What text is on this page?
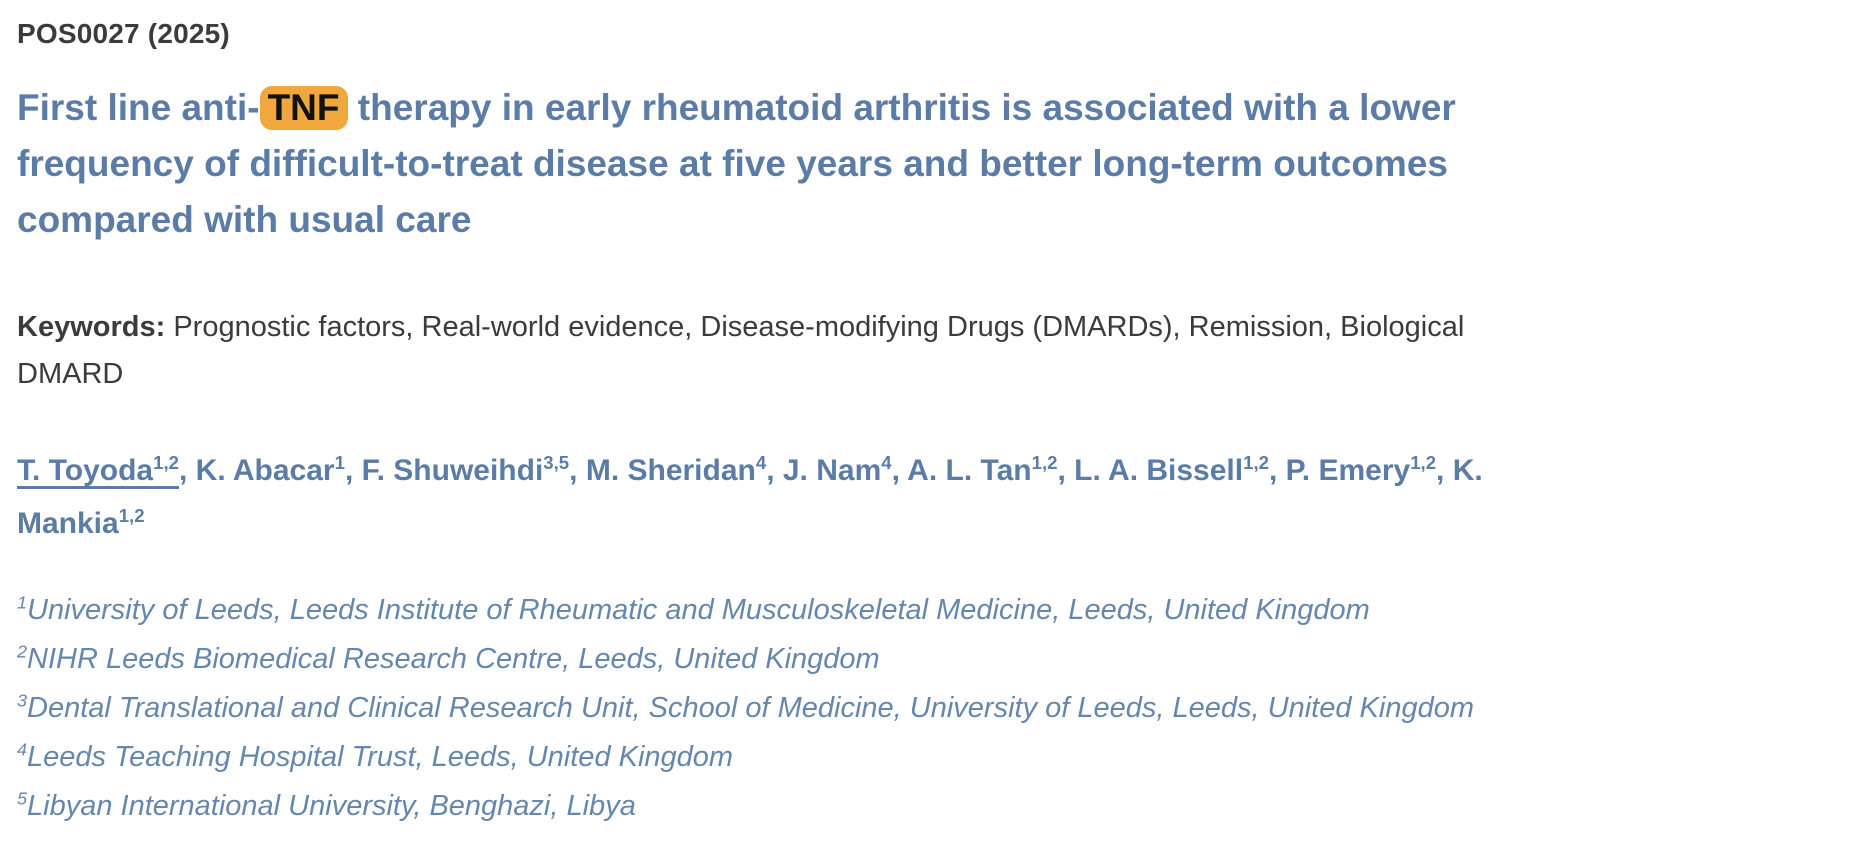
POS0027 (2025)
First line anti- TNF therapy in early rheumatoid arthritis is associated with a lower frequency of difficult-to-treat disease at five years and better long-term outcomes compared with usual care

Keywords: Prognostic factors, Real-world evidence, Disease-modifying Drugs (DMARDs), Remission, Biological DMARD

T. Toyoda$^{1,2}$, K. Abacar$^1$, F. Shuweihdi$^{3,5}$, M. Sheridan$^4$, J. Nam$^4$, A. L. Tan$^{1,2}$, L. A. Bissell$^{1,2}$, P. Emery$^{1,2}$, K. Mankia$^{1,2}$

$^1$University of Leeds, Leeds Institute of Rheumatic and Musculoskeletal Medicine, Leeds, United Kingdom

$^2$NIHR Leeds Biomedical Research Centre, Leeds, United Kingdom

$^3$Dental Translational and Clinical Research Unit, School of Medicine, University of Leeds, Leeds, United Kingdom

$^4$Leeds Teaching Hospital Trust, Leeds, United Kingdom

$^5$Libyan International University, Benghazi, Libya
